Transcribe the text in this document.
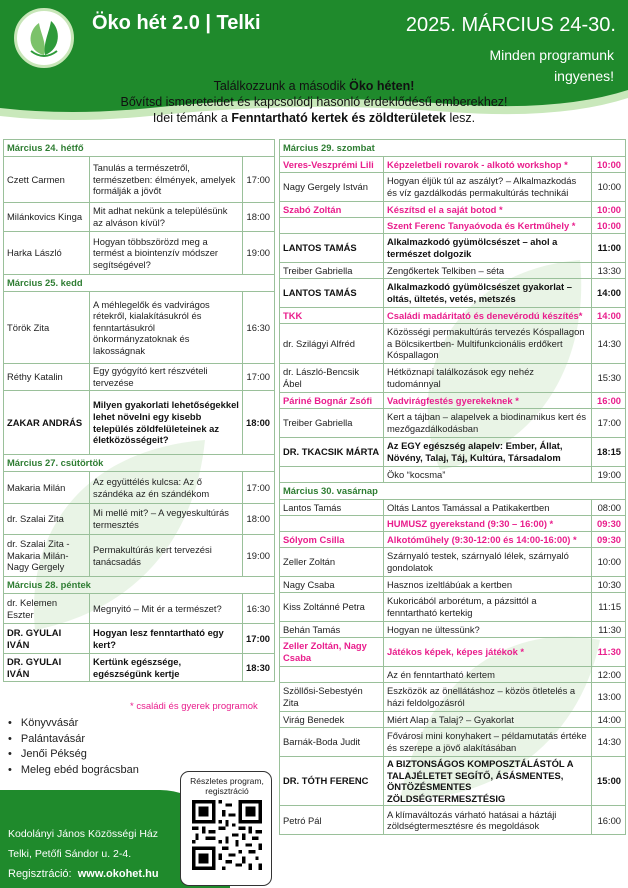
Öko hét 2.0 | Telki	2025. MÁRCIUS 24-30.
Minden programunk
ingyenes!
Találkozzunk a második Öko héten!
Bővítsd ismereteidet és kapcsolódj hasonló érdeklődésű emberekhez!
Idei témánk a Fenntartható kertek és zöldterületek lesz.
Március 24. hétfő		
Czett Carmen	Tanulás a természetről, természetben: élmények, amelyek formálják a jövőt	17:00
Milánkovics Kinga	Mit adhat nekünk a településünk az alváson kívül?	18:00
Harka László	Hogyan többszörözd meg a termést a biointenzív módszer segítségével?	19:00
Március 25. kedd		
Török Zita	A méhlegelők és vadvirágos rétekről, kialakításukról és fenntartásukról önkormányzatoknak és lakosságnak	16:30
Réthy Katalin	Egy gyógyító kert részvételi tervezése	17:00
ZAKAR ANDRÁS	Milyen gyakorlati lehetőségekkel lehet növelni egy kisebb település zöldfelületeinek az életközösségeit?	18:00
Március 27. csütörtök		
Makaria Milán	Az együttélés kulcsa: Az ő szándéka az én szándékom	17:00
dr. Szalai Zita	Mi mellé mit? – A vegyeskultúrás termesztés	18:00
dr. Szalai Zita - Makaria Milán- Nagy Gergely	Permakultúrás kert tervezési tanácsadás	19:00
Március 28. péntek		
dr. Kelemen Eszter	Megnyitó – Mit ér a természet?	16:30
DR. GYULAI IVÁN	Hogyan lesz fenntartható egy kert?	17:00
DR. GYULAI IVÁN	Kertünk egészsége, egészségünk kertje	18:30
* családi és gyerek programok
• Könyvvásár
• Palántavásár
• Jenői Pékség
• Meleg ebéd bográcsban
Kodolányi János Közösségi Ház
Telki, Petőfi Sándor u. 2-4.
Regisztráció: www.okohet.hu
Részletes program, regisztráció
Március 29. szombat		
Veres-Veszprémi Lili	Képzeletbeli rovarok - alkotó workshop *	10:00
Nagy Gergely István	Hogyan éljük túl az aszályt? – Alkalmazkodás és víz gazdálkodás permakultúrás technikái	10:00
Szabó Zoltán	Készítsd el a saját botod *	10:00
	Szent Ferenc Tanyaóvoda és Kertműhely *	10:00
LANTOS TAMÁS	Alkalmazkodó gyümölcsészet – ahol a természet dolgozik	11:00
Treiber Gabriella	Zengőkertek Telkiben – séta	13:30
LANTOS TAMÁS	Alkalmazkodó gyümölcsészet gyakorlat – oltás, ültetés, vetés, metszés	14:00
TKK	Családi madáritató és denevérodú készítés*	14:00
dr. Szilágyi Alfréd	Közösségi permakultúrás tervezés Kóspallagon a Bölcsikertben- Multifunkcionális erdőkert Kóspallagon	14:30
dr. László-Bencsik Ábel	Hétköznapi találkozások egy nehéz tudománnyal	15:30
Páriné Bognár Zsófi	Vadvirágfestés gyerekeknek *	16:00
Treiber Gabriella	Kert a tájban – alapelvek a biodinamikus kert és mezőgazdálkodásban	17:00
DR. TKACSIK MÁRTA	Az EGY egészség alapelv: Ember, Állat, Növény, Talaj, Táj, Kultúra, Társadalom	18:15
	Öko “kocsma”	19:00
Március 30. vasárnap		
Lantos Tamás	Oltás Lantos Tamással a Patikakertben	08:00
	HUMUSZ gyerekstand (9:30 – 16:00) *	09:30
Sólyom Csilla	Alkotóműhely (9:30-12:00 és 14:00-16:00) *	09:30
Zeller Zoltán	Szárnyaló testek, szárnyaló lélek, szárnyaló gondolatok	10:00
Nagy Csaba	Hasznos izeltlábúak a kertben	10:30
Kiss Zoltánné Petra	Kukoricából arborétum, a pázsittól a fenntartható kertekig	11:15
Behán Tamás	Hogyan ne ültessünk?	11:30
Zeller Zoltán, Nagy Csaba	Játékos képek, képes játékok *	11:30
	Az én fenntartható kertem	12:00
Szöllősi-Sebestyén Zita	Eszközök az önellátáshoz – közös ötletelés a házi feldolgozásról	13:00
Virág Benedek	Miért Alap a Talaj? – Gyakorlat	14:00
Barnák-Boda Judit	Fővárosi mini konyhakert – példamutatás értéke és szerepe a jövő alakításában	14:30
DR. TÓTH FERENC	A BIZTONSÁGOS KOMPOSZTÁLÁSTÓL A TALAJÉLETET SEGÍTŐ, ÁSÁSMENTES, ÖNTÖZÉSMENTES ZÖLDSÉGTERMESZTÉSIG	15:00
Petró Pál	A klímaváltozás várható hatásai a háztáji zöldségtermesztésre és megoldások	16:00
